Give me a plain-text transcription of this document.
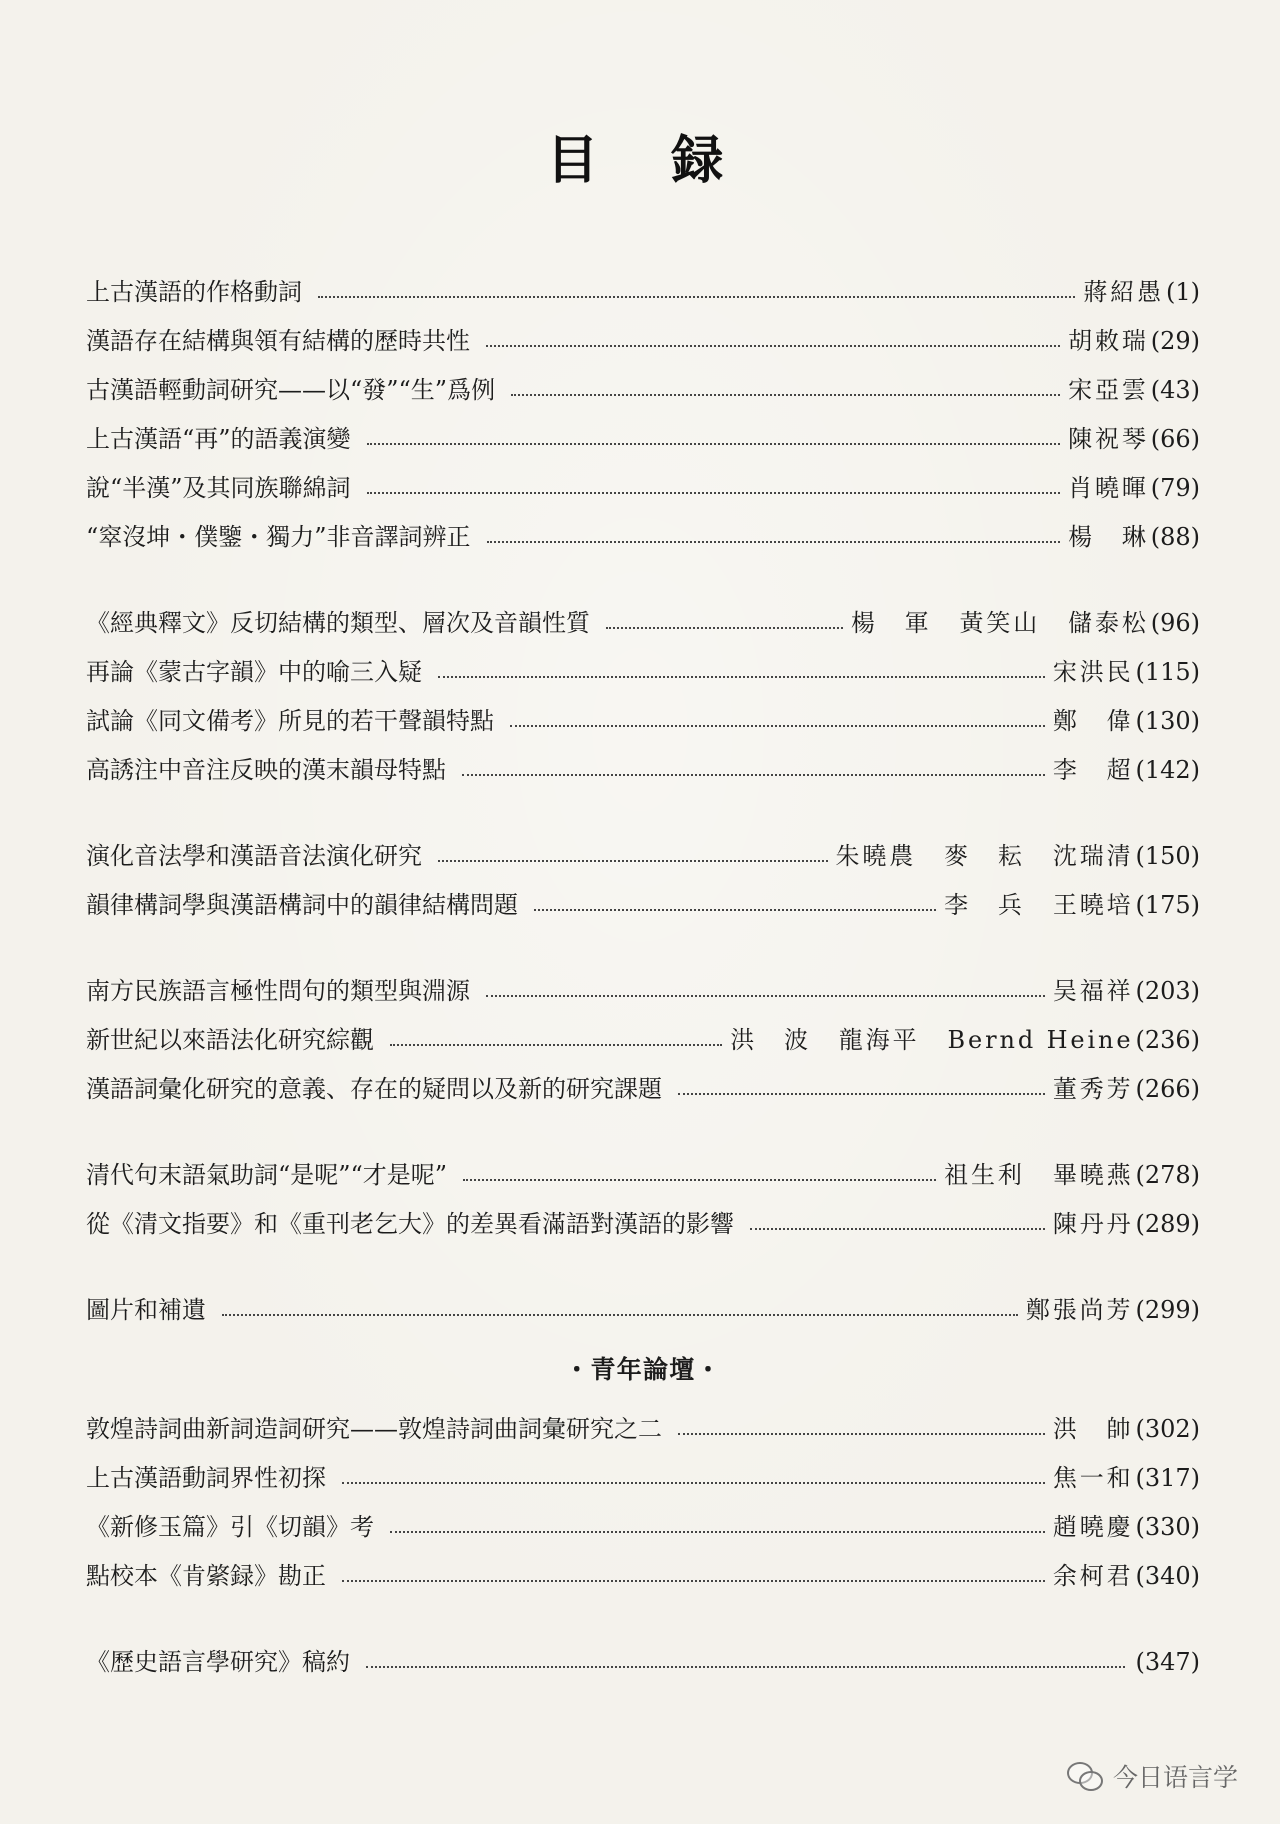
目　録
上古漢語的作格動詞	蔣紹愚 (1)
漢語存在結構與領有結構的歷時共性	胡敕瑞 (29)
古漢語輕動詞研究——以“發”“生”爲例	宋亞雲 (43)
上古漢語“再”的語義演變	陳祝琴 (66)
說“半漢”及其同族聯綿詞	肖曉暉 (79)
“窣沒坤・僕鑒・獨力”非音譯詞辨正	楊　琳 (88)
《經典釋文》反切結構的類型、層次及音韻性質	楊　軍 黃笑山 儲泰松 (96)
再論《蒙古字韻》中的喻三入疑	宋洪民 (115)
試論《同文備考》所見的若干聲韻特點	鄭　偉 (130)
高誘注中音注反映的漢末韻母特點	李　超 (142)
演化音法學和漢語音法演化研究	朱曉農 麥　耘 沈瑞清 (150)
韻律構詞學與漢語構詞中的韻律結構問題	李　兵 王曉培 (175)
南方民族語言極性問句的類型與淵源	吴福祥 (203)
新世紀以來語法化研究綜觀	洪　波 龍海平 Bernd Heine (236)
漢語詞彙化研究的意義、存在的疑問以及新的研究課題	董秀芳 (266)
清代句末語氣助詞“是呢”“才是呢”	祖生利 畢曉燕 (278)
從《清文指要》和《重刊老乞大》的差異看滿語對漢語的影響	陳丹丹 (289)
圖片和補遺	鄭張尚芳 (299)
・青年論壇・
敦煌詩詞曲新詞造詞研究——敦煌詩詞曲詞彙研究之二	洪　帥 (302)
上古漢語動詞界性初探	焦一和 (317)
《新修玉篇》引《切韻》考	趙曉慶 (330)
點校本《肯綮録》勘正	余柯君 (340)
《歷史語言學研究》稿約	(347)
今日语言学
